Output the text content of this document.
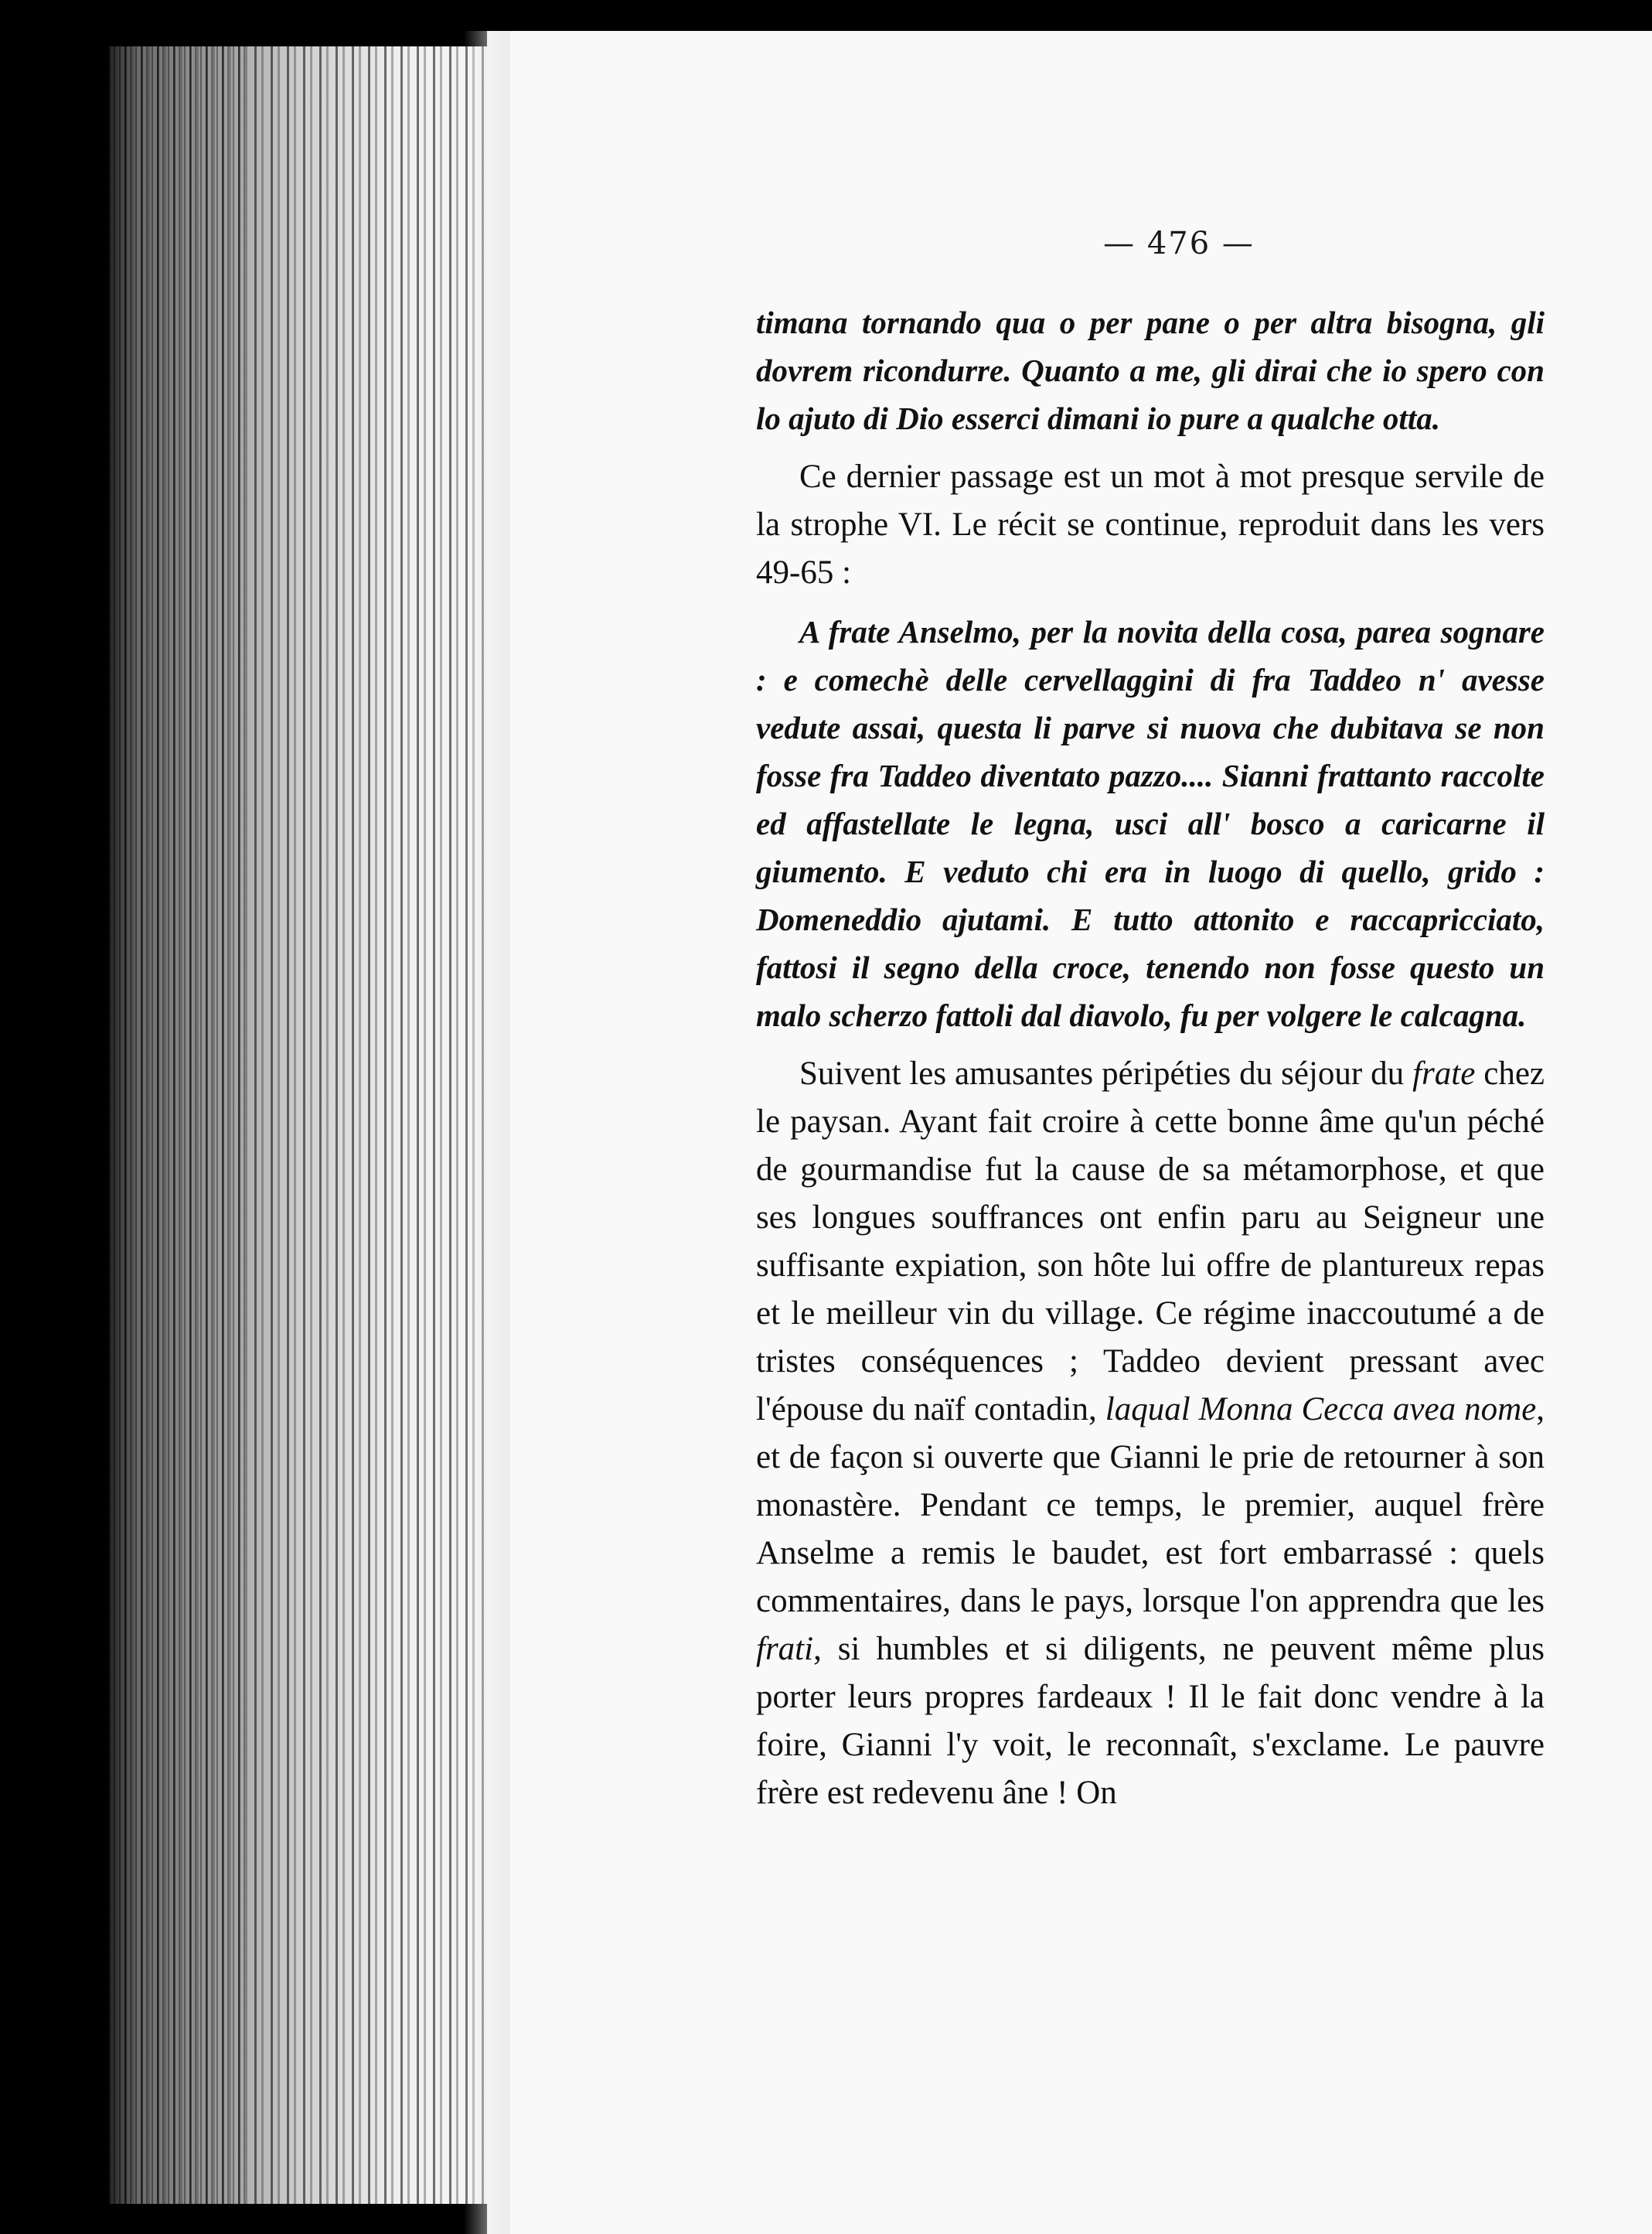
— 476 —

timana tornando qua o per pane o per altra bisogna, gli dovrem ricondurre. Quanto a me, gli dirai che io spero con lo ajuto di Dio esserci dimani io pure a qualche otta.

Ce dernier passage est un mot à mot presque servile de la strophe VI. Le récit se continue, reproduit dans les vers 49-65 :

A frate Anselmo, per la novita della cosa, parea sognare : e comechè delle cervellaggini di fra Taddeo n' avesse vedute assai, questa li parve si nuova che dubitava se non fosse fra Taddeo diventato pazzo.... Sianni frattanto raccolte ed affastellate le legna, usci all' bosco a caricarne il giumento. E veduto chi era in luogo di quello, grido : Domeneddio ajutami. E tutto attonito e raccapricciato, fattosi il segno della croce, tenendo non fosse questo un malo scherzo fattoli dal diavolo, fu per volgere le calcagna.

Suivent les amusantes péripéties du séjour du frate chez le paysan. Ayant fait croire à cette bonne âme qu'un péché de gourmandise fut la cause de sa métamorphose, et que ses longues souffrances ont enfin paru au Seigneur une suffisante expiation, son hôte lui offre de plantureux repas et le meilleur vin du village. Ce régime inaccoutumé a de tristes conséquences ; Taddeo devient pressant avec l'épouse du naïf contadin, laqual Monna Cecca avea nome, et de façon si ouverte que Gianni le prie de retourner à son monastère. Pendant ce temps, le premier, auquel frère Anselme a remis le baudet, est fort embarrassé : quels commentaires, dans le pays, lorsque l'on apprendra que les frati, si humbles et si diligents, ne peuvent même plus porter leurs propres fardeaux ! Il le fait donc vendre à la foire, Gianni l'y voit, le reconnaît, s'exclame. Le pauvre frère est redevenu âne ! On
